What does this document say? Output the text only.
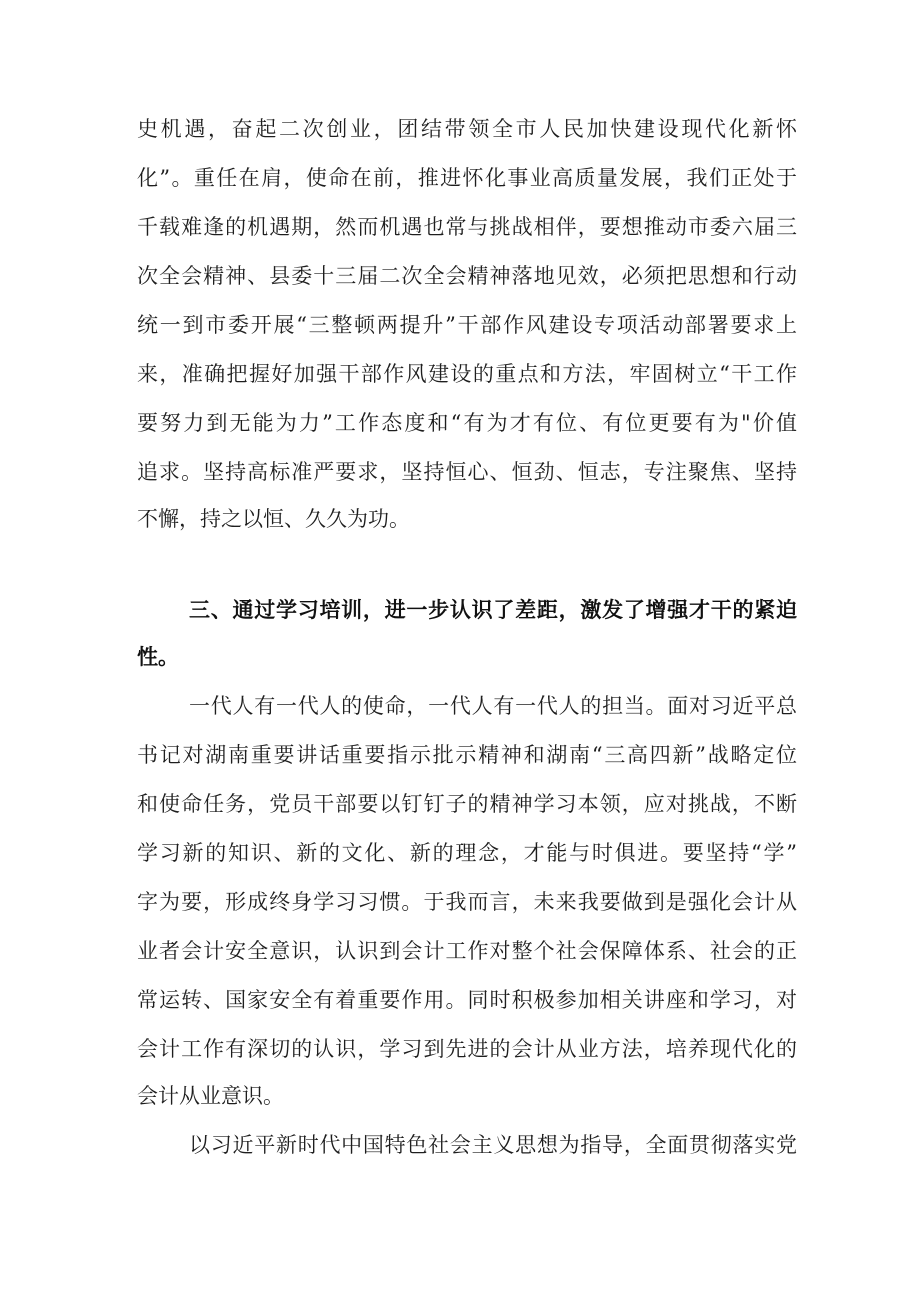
史机遇，奋起二次创业，团结带领全市人民加快建设现代化新怀
化”。重任在肩，使命在前，推进怀化事业高质量发展，我们正处于
千载难逢的机遇期，然而机遇也常与挑战相伴，要想推动市委六届三
次全会精神、县委十三届二次全会精神落地见效，必须把思想和行动
统一到市委开展“三整顿两提升”干部作风建设专项活动部署要求上
来，准确把握好加强干部作风建设的重点和方法，牢固树立“干工作
要努力到无能为力”工作态度和“有为才有位、有位更要有为"价值
追求。坚持高标准严要求，坚持恒心、恒劲、恒志，专注聚焦、坚持
不懈，持之以恒、久久为功。
三、通过学习培训，进一步认识了差距，激发了增强才干的紧迫
性。
一代人有一代人的使命，一代人有一代人的担当。面对习近平总
书记对湖南重要讲话重要指示批示精神和湖南“三高四新”战略定位
和使命任务，党员干部要以钉钉子的精神学习本领，应对挑战，不断
学习新的知识、新的文化、新的理念，才能与时俱进。要坚持“学”
字为要，形成终身学习习惯。于我而言，未来我要做到是强化会计从
业者会计安全意识，认识到会计工作对整个社会保障体系、社会的正
常运转、国家安全有着重要作用。同时积极参加相关讲座和学习，对
会计工作有深切的认识，学习到先进的会计从业方法，培养现代化的
会计从业意识。
以习近平新时代中国特色社会主义思想为指导，全面贯彻落实党
